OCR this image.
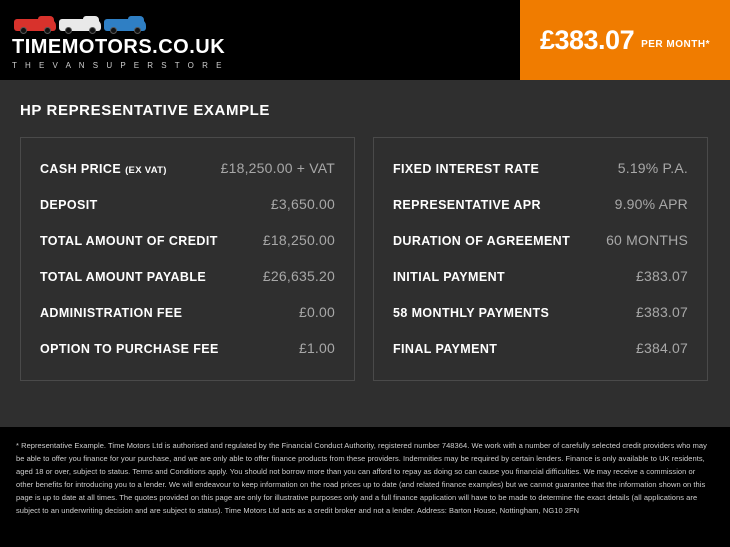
TIMEMOTORS.CO.UK
T H E V A N S U P E R S T O R E
£383.07 PER MONTH*
HP REPRESENTATIVE EXAMPLE
CASH PRICE (EX VAT)	£18,250.00 + VAT
DEPOSIT	£3,650.00
TOTAL AMOUNT OF CREDIT	£18,250.00
TOTAL AMOUNT PAYABLE	£26,635.20
ADMINISTRATION FEE	£0.00
OPTION TO PURCHASE FEE	£1.00
FIXED INTEREST RATE	5.19% P.A.
REPRESENTATIVE APR	9.90% APR
DURATION OF AGREEMENT	60 MONTHS
INITIAL PAYMENT	£383.07
58 MONTHLY PAYMENTS	£383.07
FINAL PAYMENT	£384.07

* Representative Example. Time Motors Ltd is authorised and regulated by the Financial Conduct Authority, registered number 748364. We work with a number of carefully selected credit providers who may be able to offer you finance for your purchase, and we are only able to offer finance products from these providers. Indemnities may be required by certain lenders. Finance is only available to UK residents, aged 18 or over, subject to status. Terms and Conditions apply. You should not borrow more than you can afford to repay as doing so can cause you financial difficulties. We may receive a commission or other benefits for introducing you to a lender. We will endeavour to keep information on the road prices up to date (and related finance examples) but we cannot guarantee that the information shown on this page is up to date at all times. The quotes provided on this page are only for illustrative purposes only and a full finance application will have to be made to determine the exact details (all applications are subject to an underwriting decision and are subject to status). Time Motors Ltd acts as a credit broker and not a lender. Address: Barton House, Nottingham, NG10 2FN
